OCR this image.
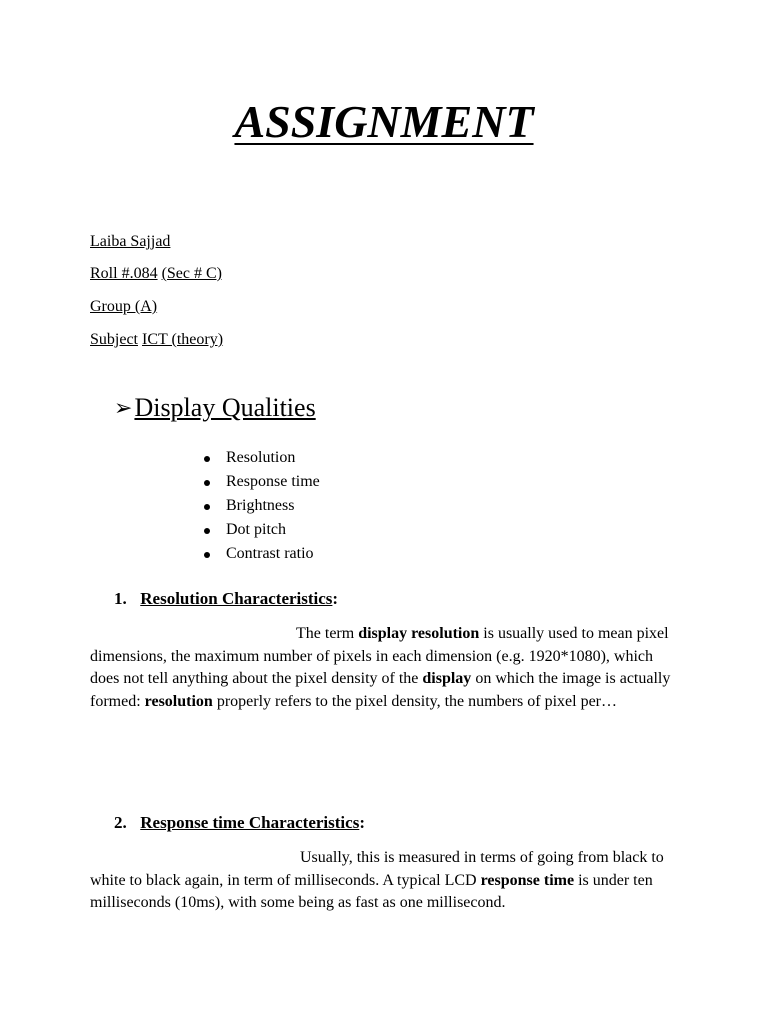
ASSIGNMENT
Laiba Sajjad
Roll #.084 (Sec # C)
Group (A)
Subject ICT (theory)
➢ Display Qualities
Resolution
Response time
Brightness
Dot pitch
Contrast ratio
1. Resolution Characteristics:
The term display resolution is usually used to mean pixel dimensions, the maximum number of pixels in each dimension (e.g. 1920*1080), which does not tell anything about the pixel density of the display on which the image is actually formed: resolution properly refers to the pixel density, the numbers of pixel per…
2. Response time Characteristics:
Usually, this is measured in terms of going from black to white to black again, in term of milliseconds. A typical LCD response time is under ten milliseconds (10ms), with some being as fast as one millisecond.
